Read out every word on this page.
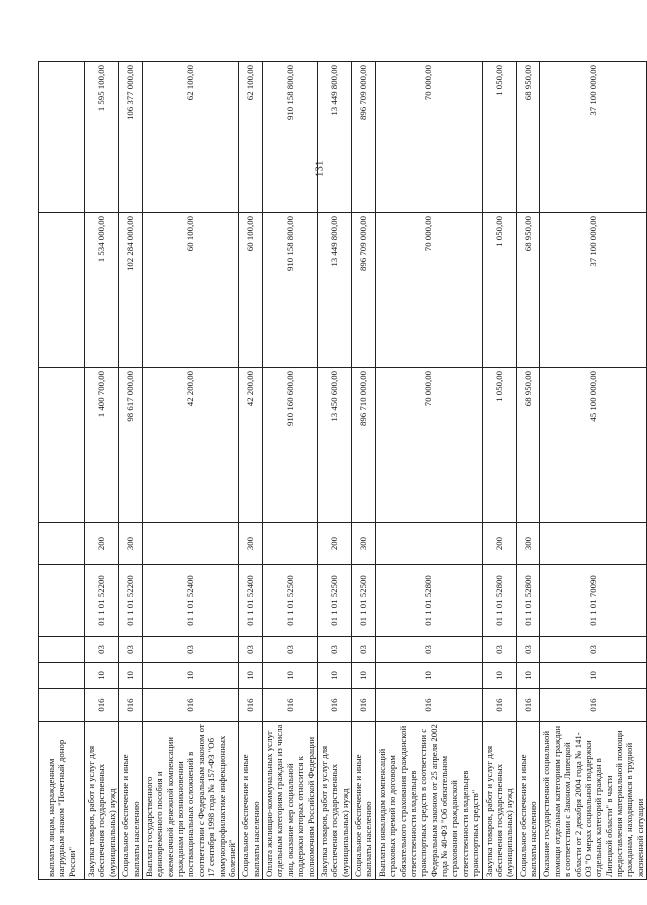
131
выплаты лицам, награжденным нагрудным знаком "Почетный донор России"								
Закупка товаров, работ и услуг для обеспечения государственных (муниципальных) нужд	016	10	03	01 1 01 52200	200	1 400 700,00	1 534 000,00	1 595 100,00
Социальное обеспечение и иные выплаты населению	016	10	03	01 1 01 52200	300	98 617 000,00	102 284 000,00	106 377 000,00
Выплата государственного единовременного пособия и ежемесячной денежной компенсации гражданам при возникновении поствакцинальных осложнений в соответствии с Федеральным законом от 17 сентября 1998 года № 157-ФЗ "Об иммунопрофилактике инфекционных болезней"	016	10	03	01 1 01 52400		42 200,00	60 100,00	62 100,00
Социальное обеспечение и иные выплаты населению	016	10	03	01 1 01 52400	300	42 200,00	60 100,00	62 100,00
Оплата жилищно-коммунальных услуг отдельным категориям граждан из числа лиц, оказание мер социальной поддержки которых относится к полномочиям Российской Федерации	016	10	03	01 1 01 52500		910 160 600,00	910 158 800,00	910 158 800,00
Закупка товаров, работ и услуг для обеспечения государственных (муниципальных) нужд	016	10	03	01 1 01 52500	200	13 450 600,00	13 449 800,00	13 449 800,00
Социальное обеспечение и иные выплаты населению	016	10	03	01 1 01 52500	300	896 710 000,00	896 709 000,00	896 709 000,00
Выплаты инвалидам компенсаций страховых премий по договорам обязательного страхования гражданской ответственности владельцев транспортных средств в соответствии с Федеральным законом от 25 апреля 2002 года № 40-ФЗ "Об обязательном страховании гражданской ответственности владельцев транспортных средств"	016	10	03	01 1 01 52800		70 000,00	70 000,00	70 000,00
Закупка товаров, работ и услуг для обеспечения государственных (муниципальных) нужд	016	10	03	01 1 01 52800	200	1 050,00	1 050,00	1 050,00
Социальное обеспечение и иные выплаты населению	016	10	03	01 1 01 52800	300	68 950,00	68 950,00	68 950,00
Оказание государственной социальной помощи отдельным категориям граждан в соответствии с Законом Липецкой области от 2 декабря 2004 года № 141-ОЗ "О мерах социальной поддержки отдельных категорий граждан в Липецкой области" в части предоставления материальной помощи гражданам, находящимся в трудной жизненной ситуации	016	10	03	01 1 01 70090		45 100 000,00	37 100 000,00	37 100 000,00
